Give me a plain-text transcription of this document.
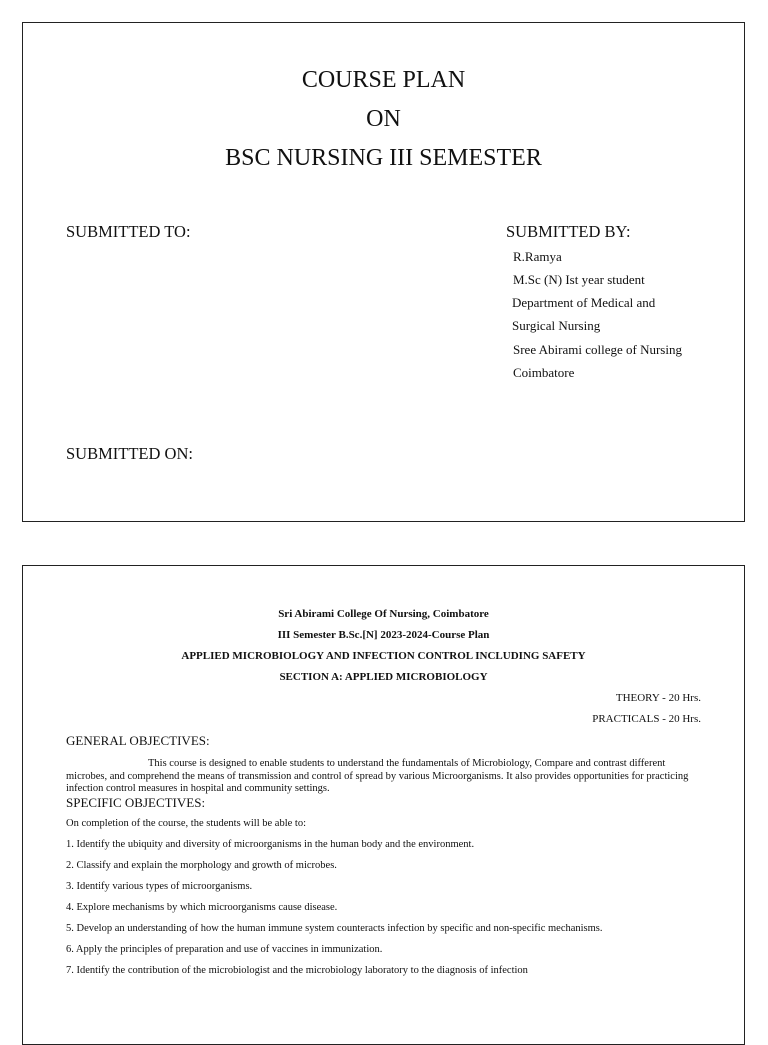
COURSE PLAN
ON
BSC NURSING III SEMESTER
SUBMITTED TO:	SUBMITTED BY:
R.Ramya
M.Sc (N) Ist year student
Department of Medical and
Surgical Nursing
Sree Abirami college of Nursing
Coimbatore
SUBMITTED ON:
Sri Abirami College Of Nursing, Coimbatore
III Semester B.Sc.[N] 2023-2024-Course Plan
APPLIED MICROBIOLOGY AND INFECTION CONTROL INCLUDING SAFETY
SECTION A: APPLIED MICROBIOLOGY
THEORY - 20 Hrs.
PRACTICALS - 20 Hrs.
GENERAL OBJECTIVES:
This course is designed to enable students to understand the fundamentals of Microbiology, Compare and contrast different microbes, and comprehend the means of transmission and control of spread by various Microorganisms. It also provides opportunities for practicing infection control measures in hospital and community settings.
SPECIFIC OBJECTIVES:
On completion of the course, the students will be able to:
1. Identify the ubiquity and diversity of microorganisms in the human body and the environment.
2. Classify and explain the morphology and growth of microbes.
3. Identify various types of microorganisms.
4. Explore mechanisms by which microorganisms cause disease.
5. Develop an understanding of how the human immune system counteracts infection by specific and non-specific mechanisms.
6. Apply the principles of preparation and use of vaccines in immunization.
7. Identify the contribution of the microbiologist and the microbiology laboratory to the diagnosis of infection
